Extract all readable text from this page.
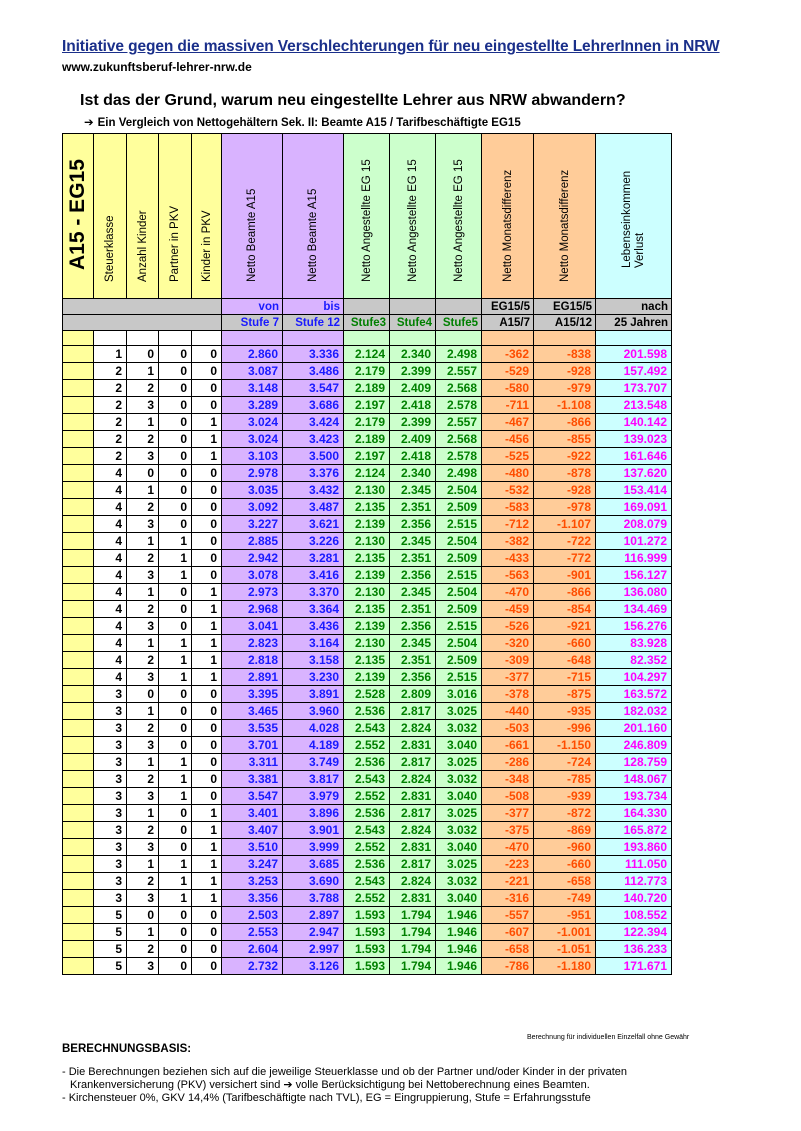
Initiative gegen die massiven Verschlechterungen für neu eingestellte LehrerInnen in NRW
www.zukunftsberuf-lehrer-nrw.de
Ist das der Grund, warum neu eingestellte Lehrer aus NRW abwandern?
➔ Ein Vergleich von Nettogehältern Sek. II: Beamte A15 / Tarifbeschäftigte EG15
A15 - EG15	Steuerklasse	Anzahl Kinder	Partner in PKV	Kinder in PKV	Netto Beamte A15	Netto Beamte A15	Netto Angestellte EG 15	Netto Angestellte EG 15	Netto Angestellte EG 15	Netto Monatsdifferenz	Netto Monatsdifferenz	Lebenseinkommen
Verlust

					von	bis				EG15/5	EG15/5	nach
					Stufe 7	Stufe 12	Stufe3	Stufe4	Stufe5	A15/7	A15/12	25 Jahren

	1	0	0	0	2.860	3.336	2.124	2.340	2.498	-362	-838	201.598
	2	1	0	0	3.087	3.486	2.179	2.399	2.557	-529	-928	157.492
	2	2	0	0	3.148	3.547	2.189	2.409	2.568	-580	-979	173.707
	2	3	0	0	3.289	3.686	2.197	2.418	2.578	-711	-1.108	213.548
	2	1	0	1	3.024	3.424	2.179	2.399	2.557	-467	-866	140.142
	2	2	0	1	3.024	3.423	2.189	2.409	2.568	-456	-855	139.023
	2	3	0	1	3.103	3.500	2.197	2.418	2.578	-525	-922	161.646
	4	0	0	0	2.978	3.376	2.124	2.340	2.498	-480	-878	137.620
	4	1	0	0	3.035	3.432	2.130	2.345	2.504	-532	-928	153.414
	4	2	0	0	3.092	3.487	2.135	2.351	2.509	-583	-978	169.091
	4	3	0	0	3.227	3.621	2.139	2.356	2.515	-712	-1.107	208.079
	4	1	1	0	2.885	3.226	2.130	2.345	2.504	-382	-722	101.272
	4	2	1	0	2.942	3.281	2.135	2.351	2.509	-433	-772	116.999
	4	3	1	0	3.078	3.416	2.139	2.356	2.515	-563	-901	156.127
	4	1	0	1	2.973	3.370	2.130	2.345	2.504	-470	-866	136.080
	4	2	0	1	2.968	3.364	2.135	2.351	2.509	-459	-854	134.469
	4	3	0	1	3.041	3.436	2.139	2.356	2.515	-526	-921	156.276
	4	1	1	1	2.823	3.164	2.130	2.345	2.504	-320	-660	83.928
	4	2	1	1	2.818	3.158	2.135	2.351	2.509	-309	-648	82.352
	4	3	1	1	2.891	3.230	2.139	2.356	2.515	-377	-715	104.297
	3	0	0	0	3.395	3.891	2.528	2.809	3.016	-378	-875	163.572
	3	1	0	0	3.465	3.960	2.536	2.817	3.025	-440	-935	182.032
	3	2	0	0	3.535	4.028	2.543	2.824	3.032	-503	-996	201.160
	3	3	0	0	3.701	4.189	2.552	2.831	3.040	-661	-1.150	246.809
	3	1	1	0	3.311	3.749	2.536	2.817	3.025	-286	-724	128.759
	3	2	1	0	3.381	3.817	2.543	2.824	3.032	-348	-785	148.067
	3	3	1	0	3.547	3.979	2.552	2.831	3.040	-508	-939	193.734
	3	1	0	1	3.401	3.896	2.536	2.817	3.025	-377	-872	164.330
	3	2	0	1	3.407	3.901	2.543	2.824	3.032	-375	-869	165.872
	3	3	0	1	3.510	3.999	2.552	2.831	3.040	-470	-960	193.860
	3	1	1	1	3.247	3.685	2.536	2.817	3.025	-223	-660	111.050
	3	2	1	1	3.253	3.690	2.543	2.824	3.032	-221	-658	112.773
	3	3	1	1	3.356	3.788	2.552	2.831	3.040	-316	-749	140.720
	5	0	0	0	2.503	2.897	1.593	1.794	1.946	-557	-951	108.552
	5	1	0	0	2.553	2.947	1.593	1.794	1.946	-607	-1.001	122.394
	5	2	0	0	2.604	2.997	1.593	1.794	1.946	-658	-1.051	136.233
	5	3	0	0	2.732	3.126	1.593	1.794	1.946	-786	-1.180	171.671
Berechnung für individuellen Einzelfall ohne Gewähr
BERECHNUNGSBASIS:
- Die Berechnungen beziehen sich auf die jeweilige Steuerklasse und ob der Partner und/oder Kinder in der privaten
Krankenversicherung (PKV) versichert sind ➔ volle Berücksichtigung bei Nettoberechnung eines Beamten.
- Kirchensteuer 0%, GKV 14,4% (Tarifbeschäftigte nach TVL), EG = Eingruppierung, Stufe = Erfahrungsstufe
